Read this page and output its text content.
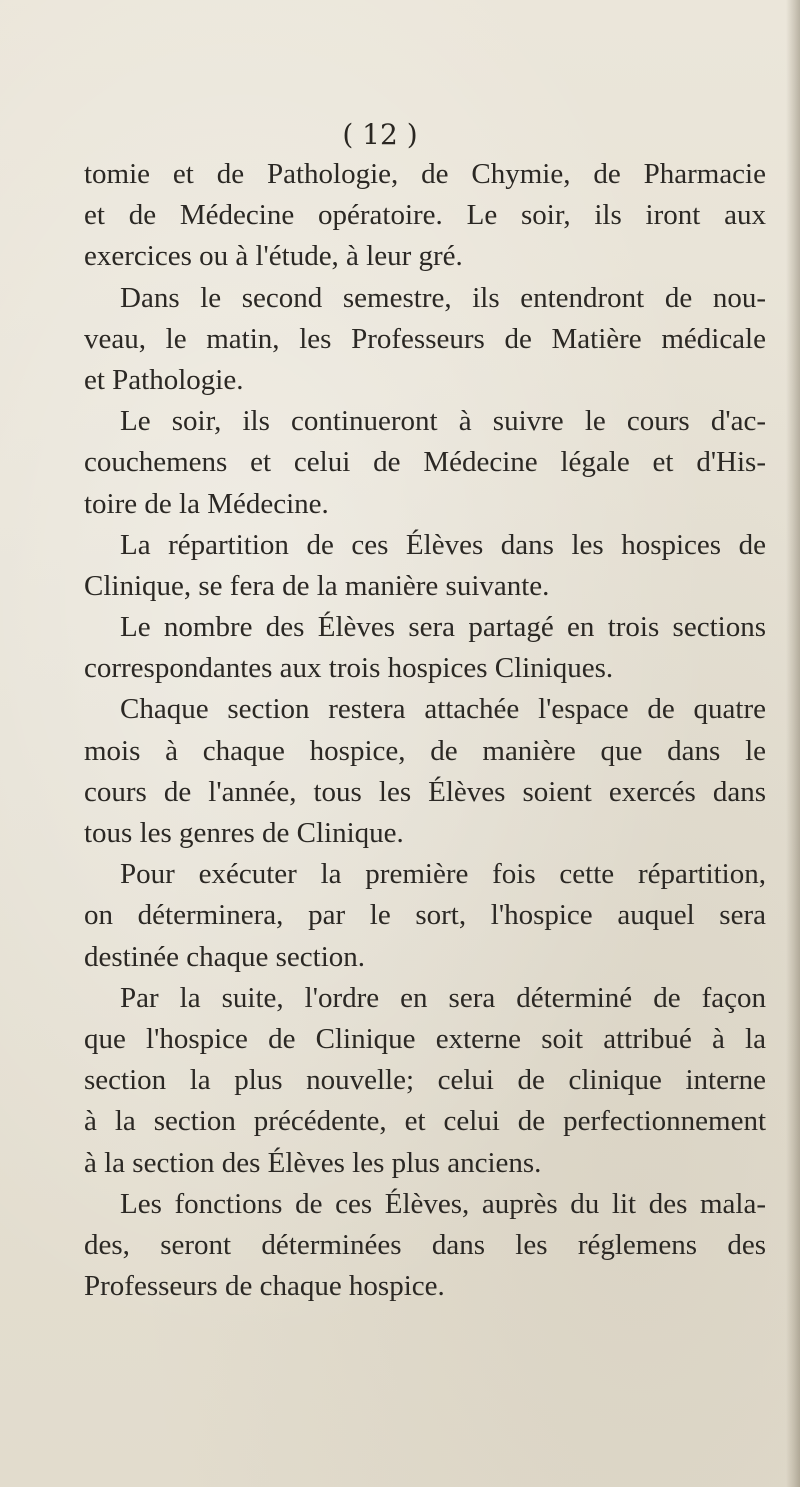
( 12 )
tomie et de Pathologie, de Chymie, de Pharmacie
et de Médecine opératoire. Le soir, ils iront aux
exercices ou à l'étude, à leur gré.
Dans le second semestre, ils entendront de nou-
veau, le matin, les Professeurs de Matière médicale
et Pathologie.
Le soir, ils continueront à suivre le cours d'ac-
couchemens et celui de Médecine légale et d'His-
toire de la Médecine.
La répartition de ces Élèves dans les hospices de
Clinique, se fera de la manière suivante.
Le nombre des Élèves sera partagé en trois sections
correspondantes aux trois hospices Cliniques.
Chaque section restera attachée l'espace de quatre
mois à chaque hospice, de manière que dans le
cours de l'année, tous les Élèves soient exercés dans
tous les genres de Clinique.
Pour exécuter la première fois cette répartition,
on déterminera, par le sort, l'hospice auquel sera
destinée chaque section.
Par la suite, l'ordre en sera déterminé de façon
que l'hospice de Clinique externe soit attribué à la
section la plus nouvelle; celui de clinique interne
à la section précédente, et celui de perfectionnement
à la section des Élèves les plus anciens.
Les fonctions de ces Élèves, auprès du lit des mala-
des, seront déterminées dans les réglemens des
Professeurs de chaque hospice.
